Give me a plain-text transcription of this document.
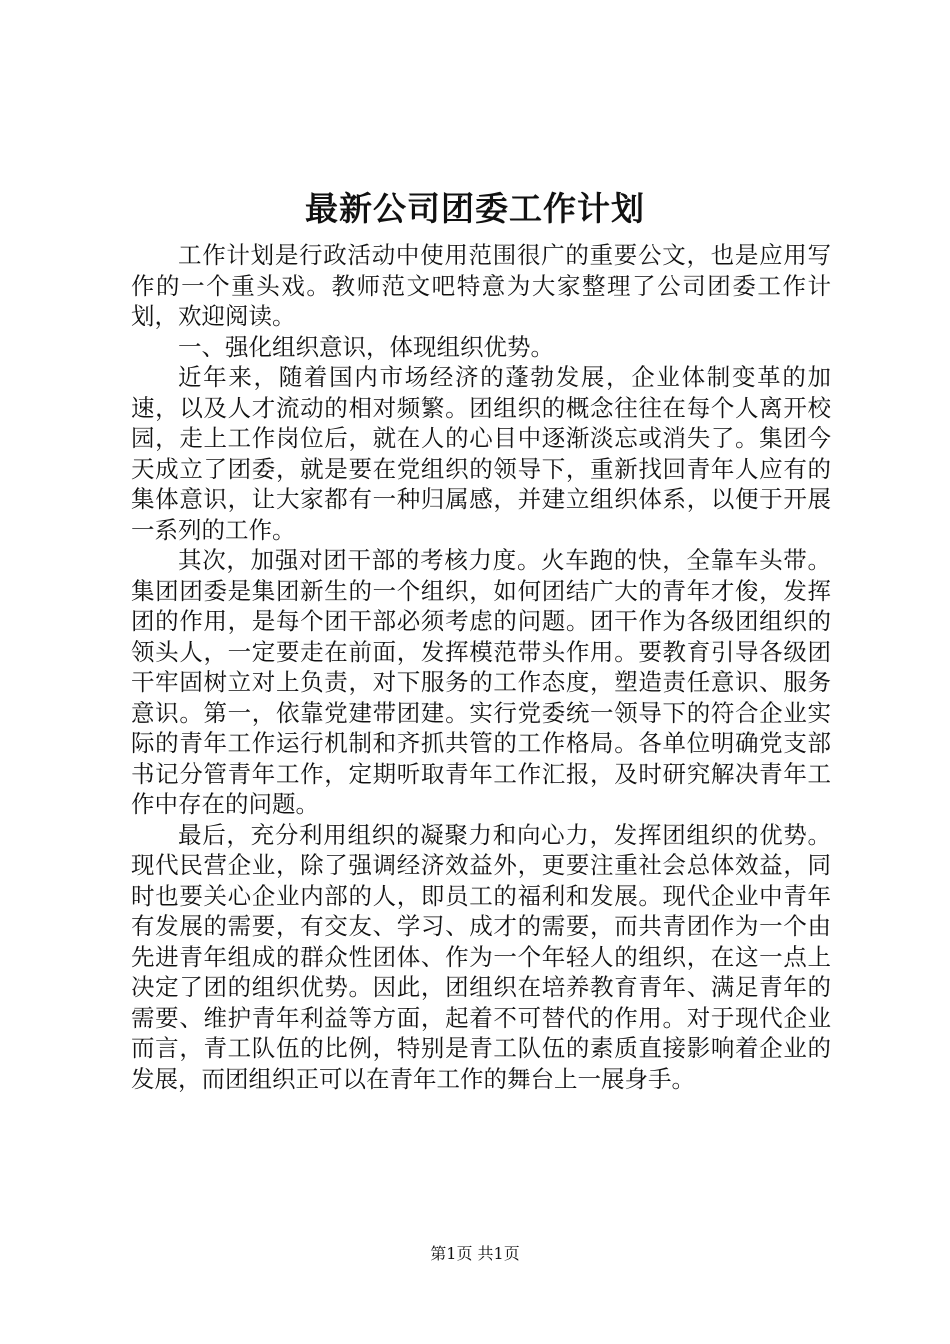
最新公司团委工作计划

工作计划是行政活动中使用范围很广的重要公文，也是应用写作的一个重头戏。教师范文吧特意为大家整理了公司团委工作计划，欢迎阅读。

一、强化组织意识，体现组织优势。

近年来，随着国内市场经济的蓬勃发展，企业体制变革的加速，以及人才流动的相对频繁。团组织的概念往往在每个人离开校园，走上工作岗位后，就在人的心目中逐渐淡忘或消失了。集团今天成立了团委，就是要在党组织的领导下，重新找回青年人应有的集体意识，让大家都有一种归属感，并建立组织体系，以便于开展一系列的工作。

其次，加强对团干部的考核力度。火车跑的快，全靠车头带。集团团委是集团新生的一个组织，如何团结广大的青年才俊，发挥团的作用，是每个团干部必须考虑的问题。团干作为各级团组织的领头人，一定要走在前面，发挥模范带头作用。要教育引导各级团干牢固树立对上负责，对下服务的工作态度，塑造责任意识、服务意识。第一，依靠党建带团建。实行党委统一领导下的符合企业实际的青年工作运行机制和齐抓共管的工作格局。各单位明确党支部书记分管青年工作，定期听取青年工作汇报，及时研究解决青年工作中存在的问题。

最后，充分利用组织的凝聚力和向心力，发挥团组织的优势。现代民营企业，除了强调经济效益外，更要注重社会总体效益，同时也要关心企业内部的人，即员工的福利和发展。现代企业中青年有发展的需要，有交友、学习、成才的需要，而共青团作为一个由先进青年组成的群众性团体、作为一个年轻人的组织，在这一点上决定了团的组织优势。因此，团组织在培养教育青年、满足青年的需要、维护青年利益等方面，起着不可替代的作用。对于现代企业而言，青工队伍的比例，特别是青工队伍的素质直接影响着企业的发展，而团组织正可以在青年工作的舞台上一展身手。

第1页 共1页
